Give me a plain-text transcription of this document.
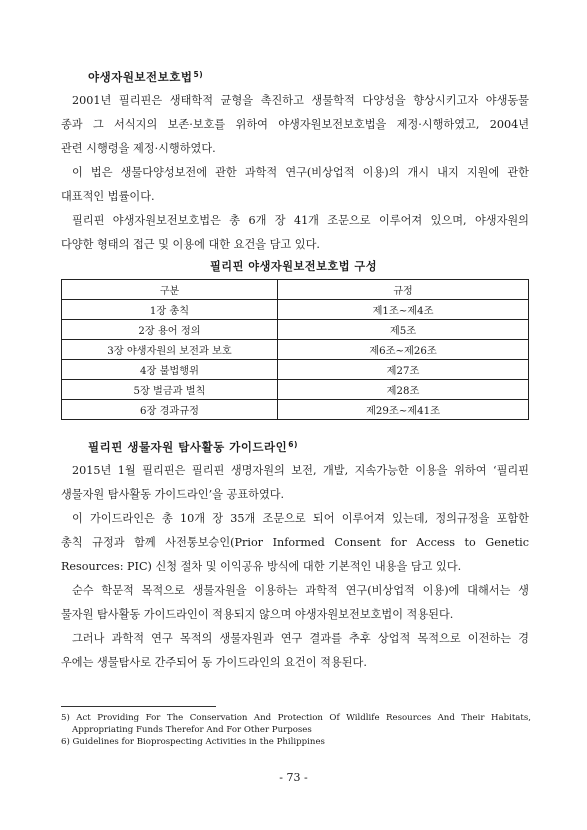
야생자원보전보호법$^{5)}$
2001년 필리핀은 생태학적 균형을 촉진하고 생물학적 다양성을 향상시키고자 야생동물
종과 그 서식지의 보존·보호를 위하여 야생자원보전보호법을 제정·시행하였고, 2004년
관련 시행령을 제정·시행하였다.
이 법은 생물다양성보전에 관한 과학적 연구(비상업적 이용)의 개시 내지 지원에 관한
대표적인 법률이다.
필리핀 야생자원보전보호법은 총 6개 장 41개 조문으로 이루어져 있으며, 야생자원의
다양한 형태의 접근 및 이용에 대한 요건을 담고 있다.
필리핀 야생자원보전보호법 구성
구분	규정
1장 총칙	제1조~제4조
2장 용어 정의	제5조
3장 야생자원의 보전과 보호	제6조~제26조
4장 불법행위	제27조
5장 벌금과 벌칙	제28조
6장 경과규정	제29조~제41조
필리핀 생물자원 탐사활동 가이드라인$^{6)}$
2015년 1월 필리핀은 필리핀 생명자원의 보전, 개발, 지속가능한 이용을 위하여 ‘필리핀
생물자원 탐사활동 가이드라인’을 공표하였다.
이 가이드라인은 총 10개 장 35개 조문으로 되어 이루어져 있는데, 정의규정을 포함한
총칙 규정과 함께 사전통보승인(Prior Informed Consent for Access to Genetic
Resources: PIC) 신청 절차 및 이익공유 방식에 대한 기본적인 내용을 담고 있다.
순수 학문적 목적으로 생물자원을 이용하는 과학적 연구(비상업적 이용)에 대해서는 생
물자원 탐사활동 가이드라인이 적용되지 않으며 야생자원보전보호법이 적용된다.
그러나 과학적 연구 목적의 생물자원과 연구 결과를 추후 상업적 목적으로 이전하는 경
우에는 생물탐사로 간주되어 동 가이드라인의 요건이 적용된다.
5) Act Providing For The Conservation And Protection Of Wildlife Resources And Their Habitats,
Appropriating Funds Therefor And For Other Purposes
6) Guidelines for Bioprospecting Activities in the Philippines
- 73 -
